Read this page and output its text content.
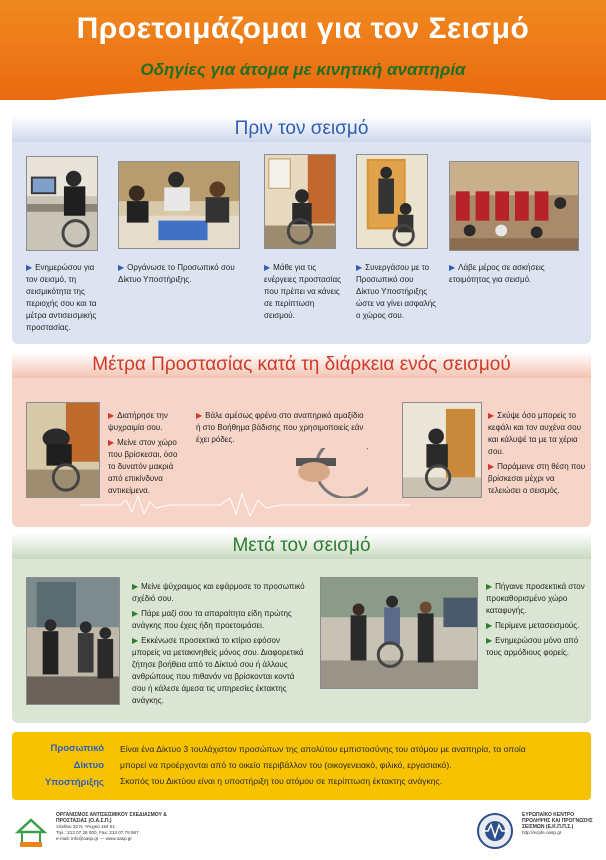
Προετοιμάζομαι για τον Σεισμό
Οδηγίες για άτομα με κινητική αναπηρία
Πριν τον σεισμό

▶ Ενημερώσου για τον σεισμό, τη σεισμικότητα της περιοχής σου και τα μέτρα αντισεισμικής προστασίας.

▶ Οργάνωσε το Προσωπικό σου Δίκτυο Υποστήριξης.

▶ Μάθε για τις ενέργειες προστασίας που πρέπει να κάνεις σε περίπτωση σεισμού.

▶ Συνεργάσου με το Προσωπικό σου Δίκτυο Υποστήριξης ώστε να γίνει ασφαλής ο χώρος σου.

▶ Λάβε μέρος σε ασκήσεις ετοιμότητας για σεισμό.

Μέτρα Προστασίας κατά τη διάρκεια ενός σεισμού

▶ Διατήρησε την ψυχραιμία σου.

▶ Μείνε στον χώρο που βρίσκεσαι, όσο το δυνατόν μακριά από επικίνδυνα αντικείμενα.

▶ Βάλε αμέσως φρένο στο αναπηρικό αμαξίδιο ή στο Βοήθημα βάδισης που χρησιμοποιείς εάν έχει ρόδες.

▶ Σκύψε όσο μπορείς το κεφάλι και τον αυχένα σου και κάλυψέ τα με τα χέρια σου.

▶ Παράμεινε στη θέση που βρίσκεσαι μέχρι να τελειώσει ο σεισμός.

Μετά τον σεισμό

▶ Μείνε ψύχραιμος και εφάρμοσε το προσωπικό σχέδιό σου.

▶ Πάρε μαζί σου τα απαραίτητα είδη πρώτης ανάγκης που έχεις ήδη προετοιμάσει.

▶ Εκκένωσε προσεκτικά το κτίριο εφόσον μπορείς να μετακινηθείς μόνος σου. Διαφορετικά ζήτησε βοήθεια από το Δίκτυό σου ή άλλους ανθρώπους που πιθανόν να βρίσκονται κοντά σου ή κάλεσε άμεσα τις υπηρεσίες έκτακτης ανάγκης.

▶ Πήγαινε προσεκτικά στον προκαθορισμένο χώρο καταφυγής.

▶ Περίμενε μετασεισμούς.

▶ Ενημερώσου μόνο από τους αρμόδιους φορείς.

Προσωπικό
Δίκτυο
Υποστήριξης
Είναι ένα Δίκτυο 3 τουλάχιστον προσώπων της απολύτου εμπιστοσύνης του ατόμου με αναπηρία, τα οποία
μπορεί να προέρχονται από το οικείο περιβάλλον του (οικογενειακό, φιλικό, εργασιακό).
Σκοπός του Δικτύου είναι η υποστήριξη του ατόμου σε περίπτωση έκτακτης ανάγκης.
ΟΡΓΑΝΙΣΜΟΣ ΑΝΤΙΣΕΙΣΜΙΚΟΥ ΣΧΕΔΙΑΣΜΟΥ & ΠΡΟΣΤΑΣΙΑΣ (Ο.Α.Σ.Π.)
Ξάνθου 32 Ν. Ψυχικό 154 51
Τηλ.: 213 07 28 000, Fax: 213 07 79 567
e-mail: info@oasp.gr — www.oasp.gr
ΕΥΡΩΠΑΪΚΟ ΚΕΝΤΡΟ ΠΡΟΛΗΨΗΣ ΚΑΙ ΠΡΟΓΝΩΣΗΣ ΣΕΙΣΜΩΝ (Ε.Κ.Π.Π.Σ.)
http://ecpfe.oasp.gr
